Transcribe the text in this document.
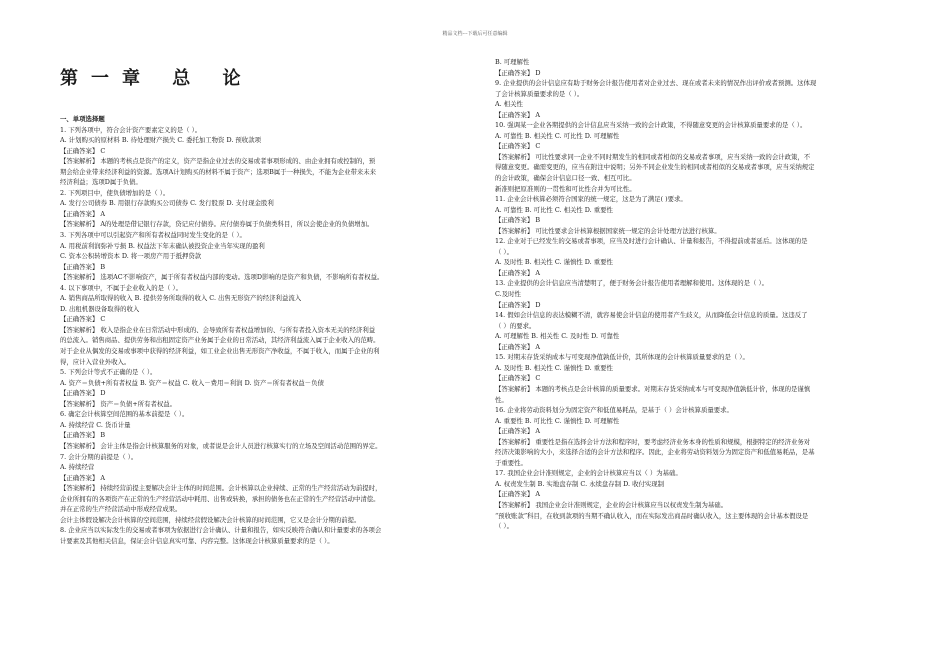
精品文档---下载后可任意编辑
第一章 总 论
一、单项选择题
1. 下列各项中，符合会计资产要素定义的是（ ）。
A. 计划购买的原材料 B. 待处理财产损失 C. 委托加工物资 D. 预收款项
【正确答案】 C
【答案解析】 本题的考核点是资产的定义，资产是指企业过去的交易或者事项形成的、由企业拥有或控制的，预
期会给企业带来经济利益的资源。选项A计划购买的材料不属于资产；选项B属于一种损失，不能为企业带来未来
经济利益；选项D属于负债。
2. 下列项目中，使负债增加的是（ ）。
A. 发行公司债券 B. 用银行存款购买公司债券 C. 发行股票 D. 支付现金股利
【正确答案】 A
【答案解析】 A的处理是借记银行存款，贷记应付债券。应付债券属于负债类科目，所以会使企业的负债增加。
3. 下列各项中可以引起资产和所有者权益同时发生变化的是（ ）。
A. 用税前利润弥补亏损 B. 权益法下年末确认被投资企业当年实现的盈利
C. 资本公积转增资本 D. 将一项房产用于抵押贷款
【正确答案】 B
【答案解析】 选项AC不影响资产，属于所有者权益内部的变动。选项D影响的是资产和负债，不影响所有者权益。
4. 以下事项中，不属于企业收入的是（ ）。
A. 销售商品所取得的收入 B. 提供劳务所取得的收入 C. 出售无形资产的经济利益流入
D. 出租机器设备取得的收入
【正确答案】 C
【答案解析】 收入是指企业在日常活动中形成的、会导致所有者权益增加的、与所有者投入资本无关的经济利益
的总流入。销售商品、提供劳务和出租固定资产业务属于企业的日常活动，其经济利益流入属于企业收入的范畴。
对于企业从偶发的交易或事项中获得的经济利益，如工业企业出售无形资产净收益，不属于收入，而属于企业的利
得，应计入营业外收入。
5. 下列会计等式不正确的是（ ）。
A. 资产＝负债+所有者权益 B. 资产＝权益 C. 收入－费用＝利润 D. 资产＝所有者权益－负债
【正确答案】 D
【答案解析】 资产＝负债+所有者权益。
6. 确定会计核算空间范围的基本前提是（ ）。
A. 持续经营 C. 货币计量
【正确答案】 B
【答案解析】 会计主体是指会计核算服务的对象，或者说是会计人员进行核算实行的立场及空间活动范围的界定。
7. 会计分期的前提是（ ）。
A. 持续经营
【正确答案】 A
【答案解析】 持续经营前提主要解决会计主体的时间范围。会计核算以企业持续、正常的生产经营活动为前提时，
企业所拥有的各项资产在正常的生产经营活动中耗用、出售或转换，承担的债务也在正常的生产经营活动中清偿。
并在正常的生产经营活动中形成经营成果。
会计主体假设解决会计核算的空间范围，持续经营假设解决会计核算的时间范围，它又是会计分期的前提。
8. 企业应当以实际发生的交易或者事项为依据进行会计确认、计量和报告，如实反映符合确认和计量要求的各项会
计要素及其他相关信息，保证会计信息真实可靠、内容完整。这体现会计核算质量要求的是（ ）。
B. 可理解性
【正确答案】 D
9. 企业提供的会计信息应有助于财务会计报告使用者对企业过去、现在或者未来的情况作出评价或者预测。这体现
了会计核算质量要求的是（ ）。
A. 相关性
【正确答案】 A
10. 强调某一企业各期提供的会计信息应当采纳一致的会计政策，不得随意变更的会计核算质量要求的是（ ）。
A. 可靠性 B. 相关性 C. 可比性 D. 可理解性
【正确答案】 C
【答案解析】 可比性要求同一企业不同时期发生的相同或者相似的交易或者事项，应当采纳一致的会计政策，不
得随意变更。确需变更的，应当在附注中说明；另外不同企业发生的相同或者相似的交易或者事项，应当采纳规定
的会计政策，确保会计信息口径一致、相互可比。
新准则把原准则的一贯性和可比性合并为可比性。
11. 企业会计核算必须符合国家的统一规定，这是为了满足( )要求。
A. 可靠性 B. 可比性 C. 相关性 D. 重要性
【正确答案】 B
【答案解析】 可比性要求会计核算根据国家统一规定的会计处理方法进行核算。
12. 企业对于已经发生的交易或者事项，应当及时进行会计确认、计量和报告，不得提前或者延后。这体现的是
（ ）。
A. 及时性 B. 相关性 C. 谨慎性 D. 重要性
【正确答案】 A
13. 企业提供的会计信息应当清楚明了，便于财务会计报告使用者理解和使用。这体现的是（ ）。
C.及时性
【正确答案】 D
14. 假如会计信息的表达模糊不清，就容易使会计信息的使用者产生歧义，从而降低会计信息的质量。这违反了
（ ）的要求。
A. 可理解性 B. 相关性 C. 及时性 D. 可靠性
【正确答案】 A
15. 对期末存货采纳成本与可变现净值孰低计价，其所体现的会计核算质量要求的是（ ）。
A. 及时性 B. 相关性 C. 谨慎性 D. 重要性
【正确答案】 C
【答案解析】 本题的考核点是会计核算的质量要求。对期末存货采纳成本与可变现净值孰低计价，体现的是谨慎
性。
16. 企业将劳动资料划分为固定资产和低值易耗品，是基于（ ）会计核算质量要求。
A. 重要性 B. 可比性 C. 谨慎性 D. 可理解性
【正确答案】 A
【答案解析】 重要性是指在选择会计方法和程序时，要考虑经济业务本身的性质和规模，根据特定的经济业务对
经济决策影响的大小，来选择合适的会计方法和程序。因此，企业将劳动资料划分为固定资产和低值易耗品，是基
于重要性。
17. 我国企业会计准则规定，企业的会计核算应当以（ ）为基础。
A. 权责发生制 B. 实地盘存制 C. 永续盘存制 D. 收付实现制
【正确答案】 A
【答案解析】 我国企业会计准则规定，企业的会计核算应当以权责发生制为基础。
“预收账款”科目，在收到款项的当期不确认收入，而在实际发出商品时确认收入，这主要体现的会计基本假设是
（ ）。
